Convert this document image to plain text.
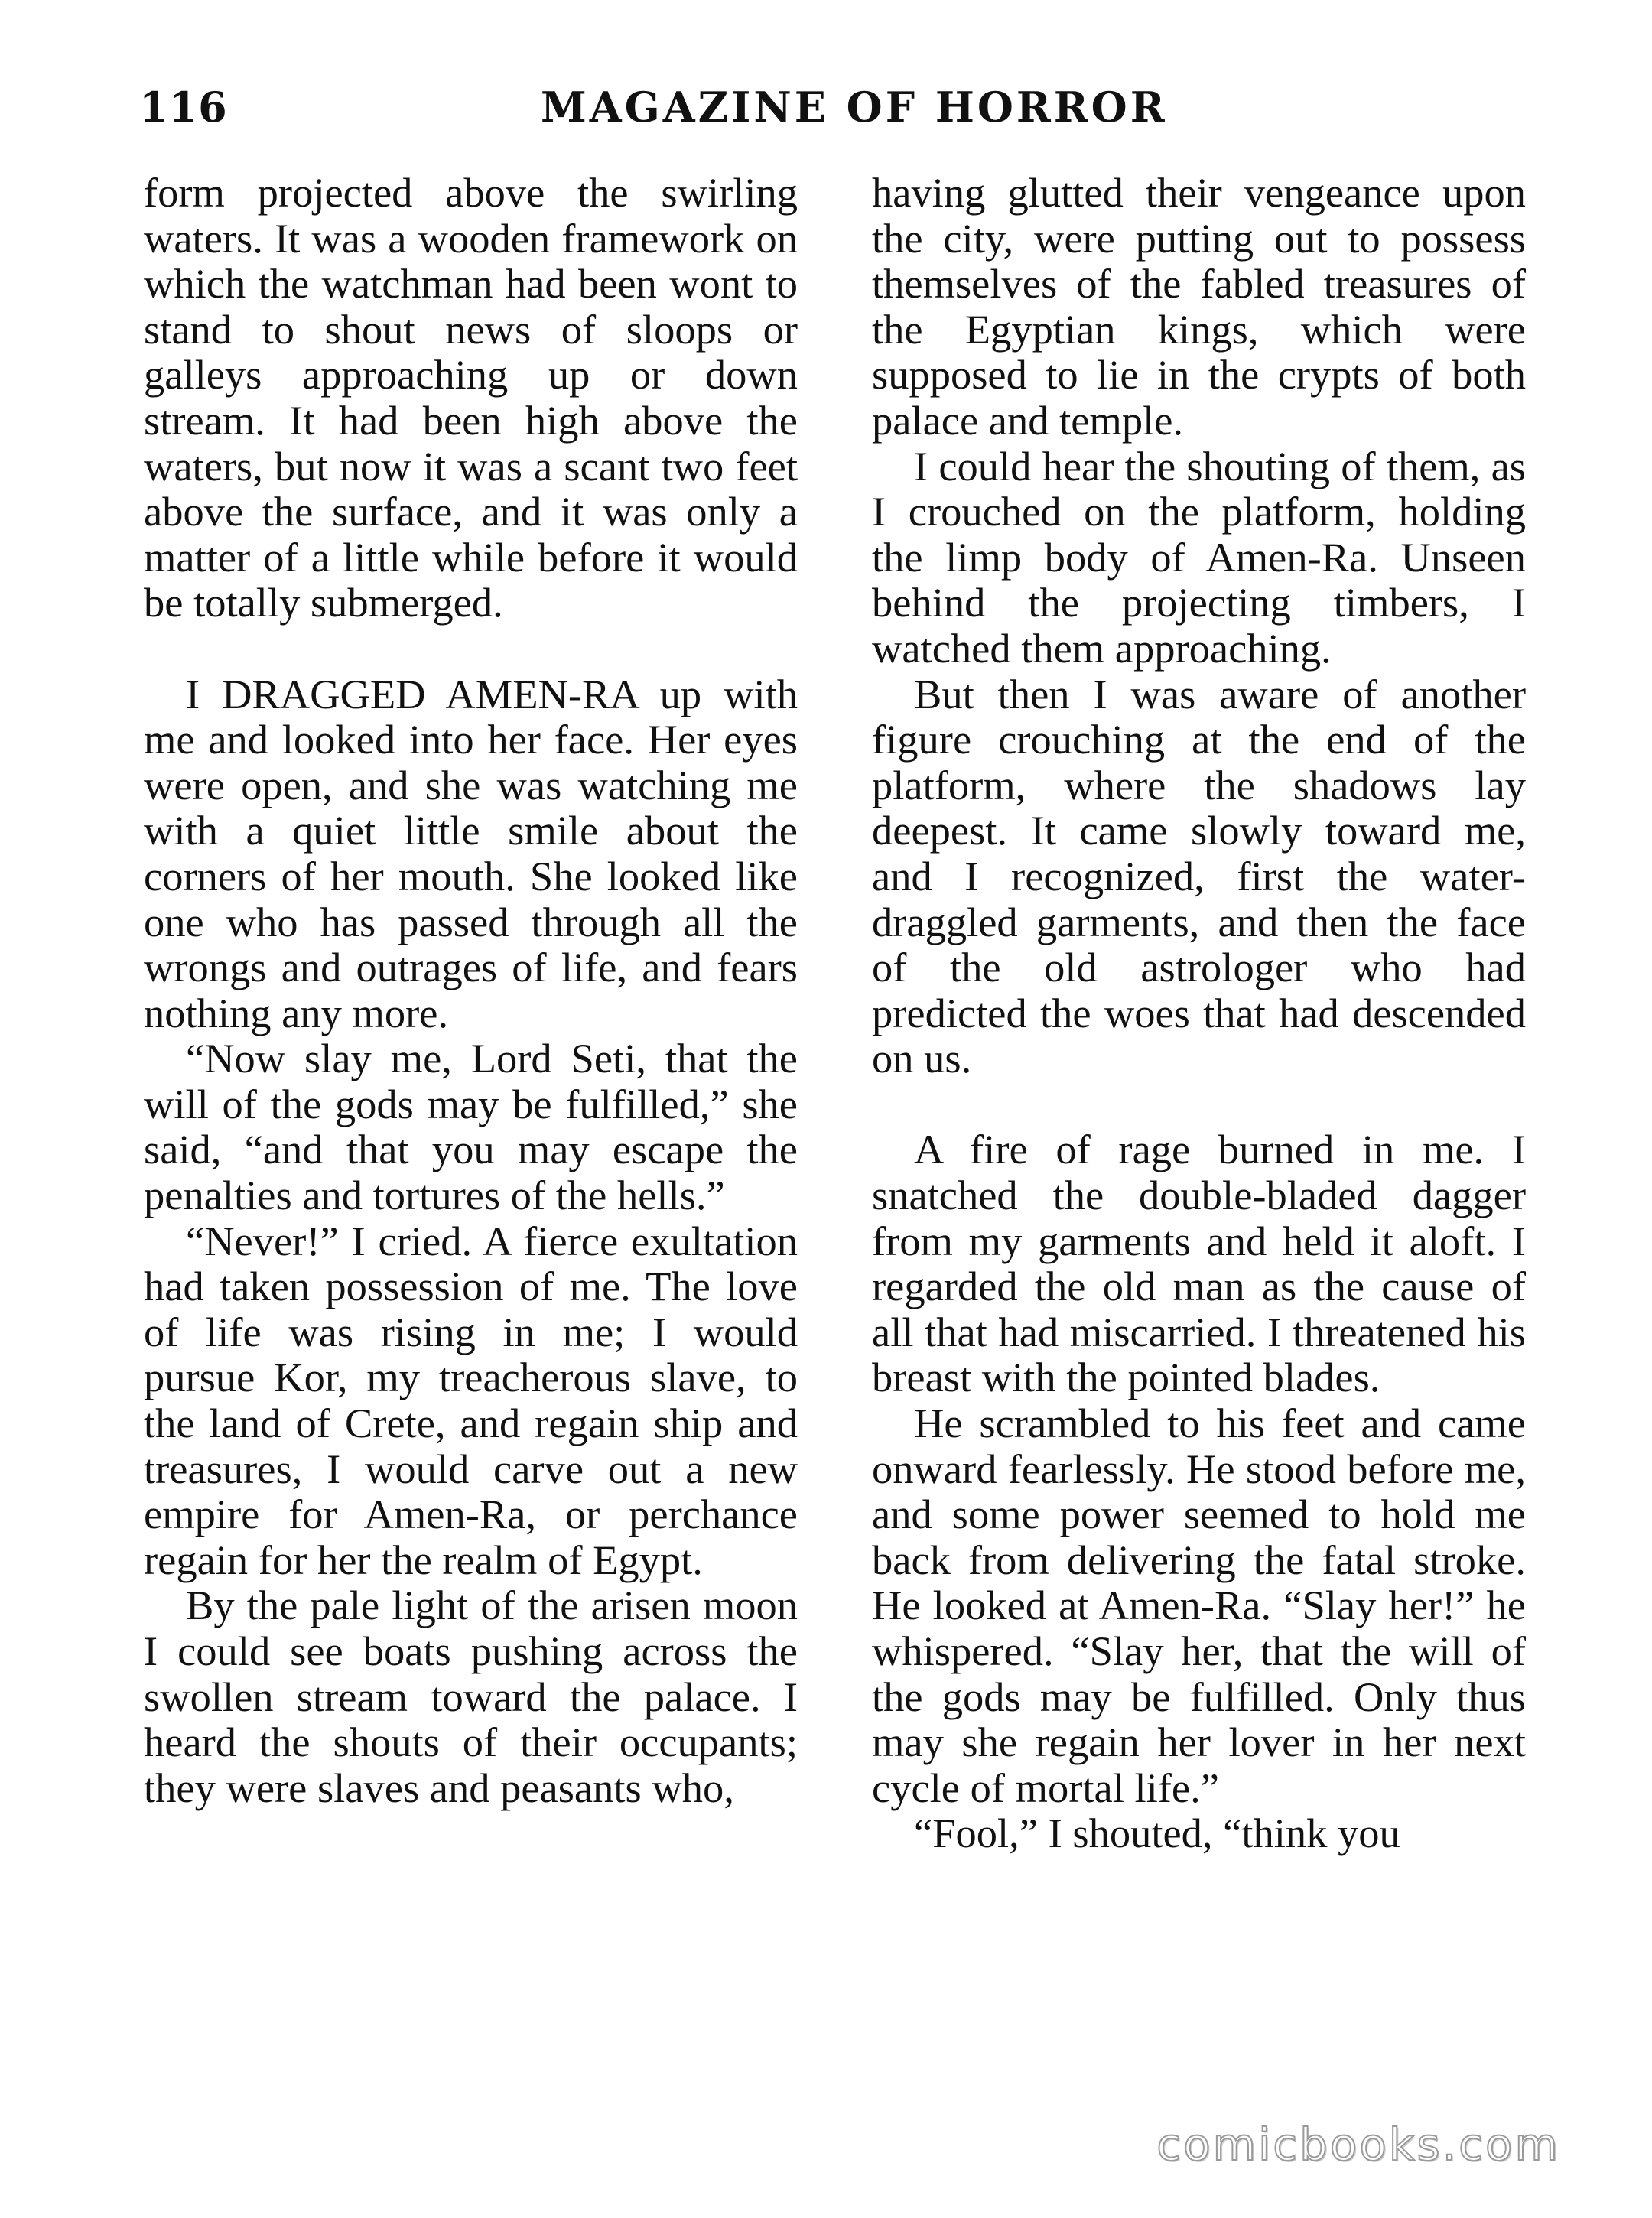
116	MAGAZINE OF HORROR

form projected above the swirling waters. It was a wooden framework on which the watchman had been wont to stand to shout news of sloops or galleys approaching up or down stream. It had been high above the waters, but now it was a scant two feet above the surface, and it was only a matter of a little while before it would be totally submerged.

I DRAGGED AMEN-RA up with me and looked into her face. Her eyes were open, and she was watching me with a quiet little smile about the corners of her mouth. She looked like one who has passed through all the wrongs and outrages of life, and fears nothing any more.

“Now slay me, Lord Seti, that the will of the gods may be fulfilled,” she said, “and that you may escape the penalties and tortures of the hells.”

“Never!” I cried. A fierce exultation had taken possession of me. The love of life was rising in me; I would pursue Kor, my treacherous slave, to the land of Crete, and regain ship and treasures, I would carve out a new empire for Amen-Ra, or perchance regain for her the realm of Egypt.

By the pale light of the arisen moon I could see boats pushing across the swollen stream toward the palace. I heard the shouts of their occupants; they were slaves and peasants who,

having glutted their vengeance upon the city, were putting out to possess themselves of the fabled treasures of the Egyptian kings, which were supposed to lie in the crypts of both palace and temple.

I could hear the shouting of them, as I crouched on the platform, holding the limp body of Amen-Ra. Unseen behind the projecting timbers, I watched them approaching.

But then I was aware of another figure crouching at the end of the platform, where the shadows lay deepest. It came slowly toward me, and I recognized, first the water-draggled garments, and then the face of the old astrologer who had predicted the woes that had descended on us.

A fire of rage burned in me. I snatched the double-bladed dagger from my garments and held it aloft. I regarded the old man as the cause of all that had miscarried. I threatened his breast with the pointed blades.

He scrambled to his feet and came onward fearlessly. He stood before me, and some power seemed to hold me back from delivering the fatal stroke. He looked at Amen-Ra. “Slay her!” he whispered. “Slay her, that the will of the gods may be fulfilled. Only thus may she regain her lover in her next cycle of mortal life.”

“Fool,” I shouted, “think you

comicbooks.com
